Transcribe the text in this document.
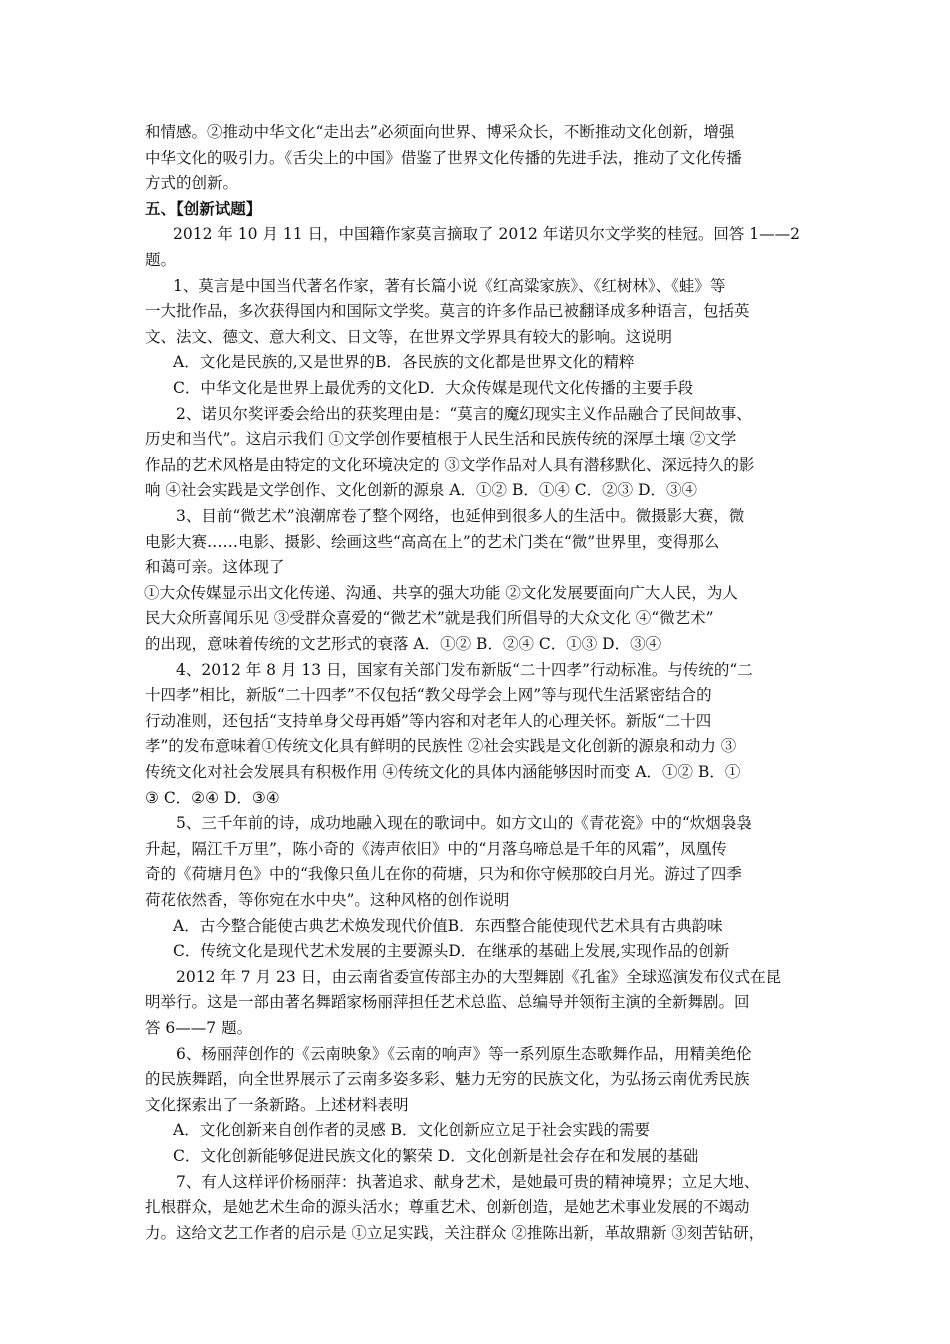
和情感。②推动中华文化“走出去”必须面向世界、博采众长，不断推动文化创新，增强
中华文化的吸引力。《舌尖上的中国》借鉴了世界文化传播的先进手法，推动了文化传播
方式的创新。
五、【创新试题】
2012 年 10 月 11 日，中国籍作家莫言摘取了 2012 年诺贝尔文学奖的桂冠。回答 1——2
题。
1、莫言是中国当代著名作家，著有长篇小说《红高粱家族》、《红树林》、《蛙》等
一大批作品，多次获得国内和国际文学奖。莫言的许多作品已被翻译成多种语言，包括英
文、法文、德文、意大利文、日文等，在世界文学界具有较大的影响。这说明
A．文化是民族的,又是世界的B．各民族的文化都是世界文化的精粹
C．中华文化是世界上最优秀的文化D．大众传媒是现代文化传播的主要手段
2、诺贝尔奖评委会给出的获奖理由是：“莫言的魔幻现实主义作品融合了民间故事、
历史和当代”。这启示我们 ①文学创作要植根于人民生活和民族传统的深厚土壤 ②文学
作品的艺术风格是由特定的文化环境决定的 ③文学作品对人具有潜移默化、深远持久的影
响 ④社会实践是文学创作、文化创新的源泉 A．①② B．①④ C．②③ D．③④
3、目前“微艺术”浪潮席卷了整个网络，也延伸到很多人的生活中。微摄影大赛，微
电影大赛……电影、摄影、绘画这些“高高在上”的艺术门类在“微”世界里，变得那么
和蔼可亲。这体现了
①大众传媒显示出文化传递、沟通、共享的强大功能 ②文化发展要面向广大人民，为人
民大众所喜闻乐见 ③受群众喜爱的“微艺术”就是我们所倡导的大众文化 ④“微艺术”
的出现，意味着传统的文艺形式的衰落 A．①② B．②④ C．①③ D．③④
4、2012 年 8 月 13 日，国家有关部门发布新版“二十四孝”行动标准。与传统的“二
十四孝”相比，新版“二十四孝”不仅包括“教父母学会上网”等与现代生活紧密结合的
行动准则，还包括“支持单身父母再婚”等内容和对老年人的心理关怀。新版“二十四
孝”的发布意味着①传统文化具有鲜明的民族性 ②社会实践是文化创新的源泉和动力 ③
传统文化对社会发展具有积极作用 ④传统文化的具体内涵能够因时而变 A．①② B．①
③ C．②④ D．③④
5、三千年前的诗，成功地融入现在的歌词中。如方文山的《青花瓷》中的“炊烟袅袅
升起，隔江千万里”，陈小奇的《涛声依旧》中的“月落乌啼总是千年的风霜”，凤凰传
奇的《荷塘月色》中的“我像只鱼儿在你的荷塘，只为和你守候那皎白月光。游过了四季
荷花依然香，等你宛在水中央”。这种风格的创作说明
A．古今整合能使古典艺术焕发现代价值B．东西整合能使现代艺术具有古典韵味
C．传统文化是现代艺术发展的主要源头D．在继承的基础上发展,实现作品的创新
2012 年 7 月 23 日，由云南省委宣传部主办的大型舞剧《孔雀》全球巡演发布仪式在昆
明举行。这是一部由著名舞蹈家杨丽萍担任艺术总监、总编导并领衔主演的全新舞剧。回
答 6——7 题。
6、杨丽萍创作的《云南映象》《云南的响声》等一系列原生态歌舞作品，用精美绝伦
的民族舞蹈，向全世界展示了云南多姿多彩、魅力无穷的民族文化，为弘扬云南优秀民族
文化探索出了一条新路。上述材料表明
A．文化创新来自创作者的灵感 B．文化创新应立足于社会实践的需要
C．文化创新能够促进民族文化的繁荣 D．文化创新是社会存在和发展的基础
7、有人这样评价杨丽萍：执著追求、献身艺术，是她最可贵的精神境界；立足大地、
扎根群众，是她艺术生命的源头活水；尊重艺术、创新创造，是她艺术事业发展的不竭动
力。这给文艺工作者的启示是 ①立足实践，关注群众 ②推陈出新，革故鼎新 ③刻苦钻研，
